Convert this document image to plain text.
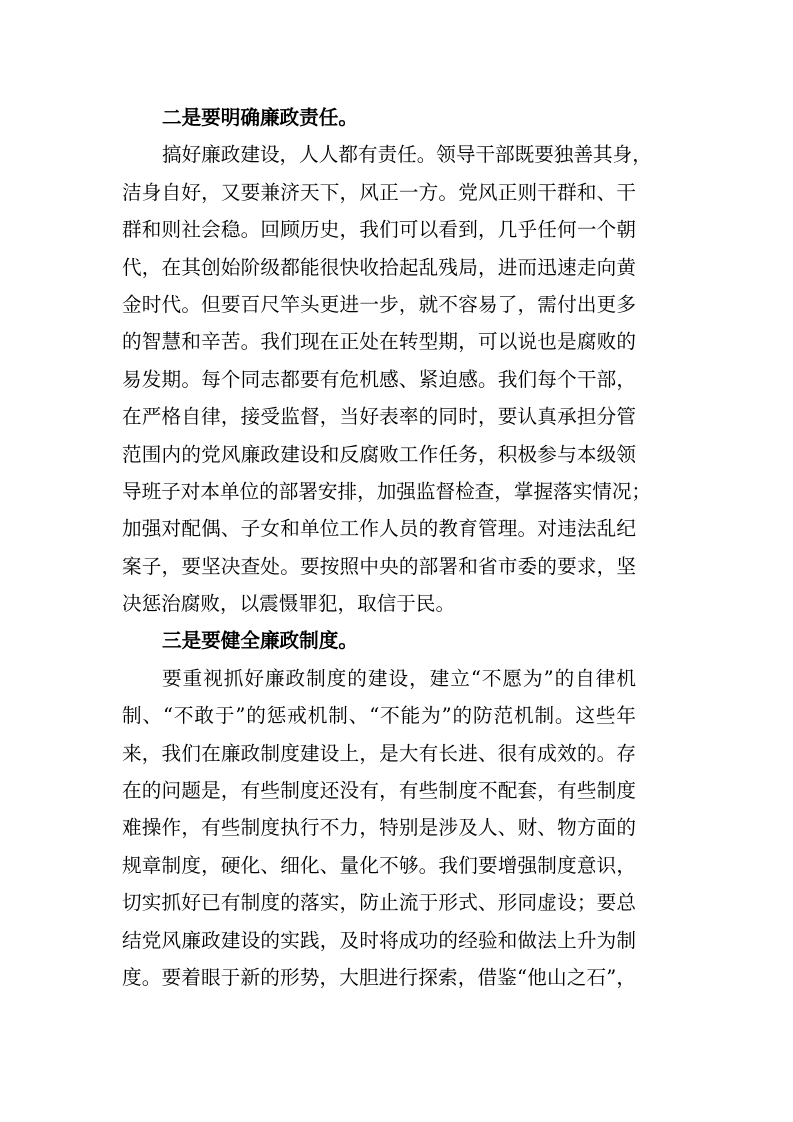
二是要明确廉政责任。
搞好廉政建设，人人都有责任。领导干部既要独善其身，
洁身自好，又要兼济天下，风正一方。党风正则干群和、干
群和则社会稳。回顾历史，我们可以看到，几乎任何一个朝
代，在其创始阶级都能很快收拾起乱残局，进而迅速走向黄
金时代。但要百尺竿头更进一步，就不容易了，需付出更多
的智慧和辛苦。我们现在正处在转型期，可以说也是腐败的
易发期。每个同志都要有危机感、紧迫感。我们每个干部，
在严格自律，接受监督，当好表率的同时，要认真承担分管
范围内的党风廉政建设和反腐败工作任务，积极参与本级领
导班子对本单位的部署安排，加强监督检查，掌握落实情况；
加强对配偶、子女和单位工作人员的教育管理。对违法乱纪
案子，要坚决查处。要按照中央的部署和省市委的要求，坚
决惩治腐败，以震慑罪犯，取信于民。
三是要健全廉政制度。
要重视抓好廉政制度的建设，建立“不愿为”的自律机
制、“不敢于”的惩戒机制、“不能为”的防范机制。这些年
来，我们在廉政制度建设上，是大有长进、很有成效的。存
在的问题是，有些制度还没有，有些制度不配套，有些制度
难操作，有些制度执行不力，特别是涉及人、财、物方面的
规章制度，硬化、细化、量化不够。我们要增强制度意识，
切实抓好已有制度的落实，防止流于形式、形同虚设；要总
结党风廉政建设的实践，及时将成功的经验和做法上升为制
度。要着眼于新的形势，大胆进行探索，借鉴“他山之石”，
